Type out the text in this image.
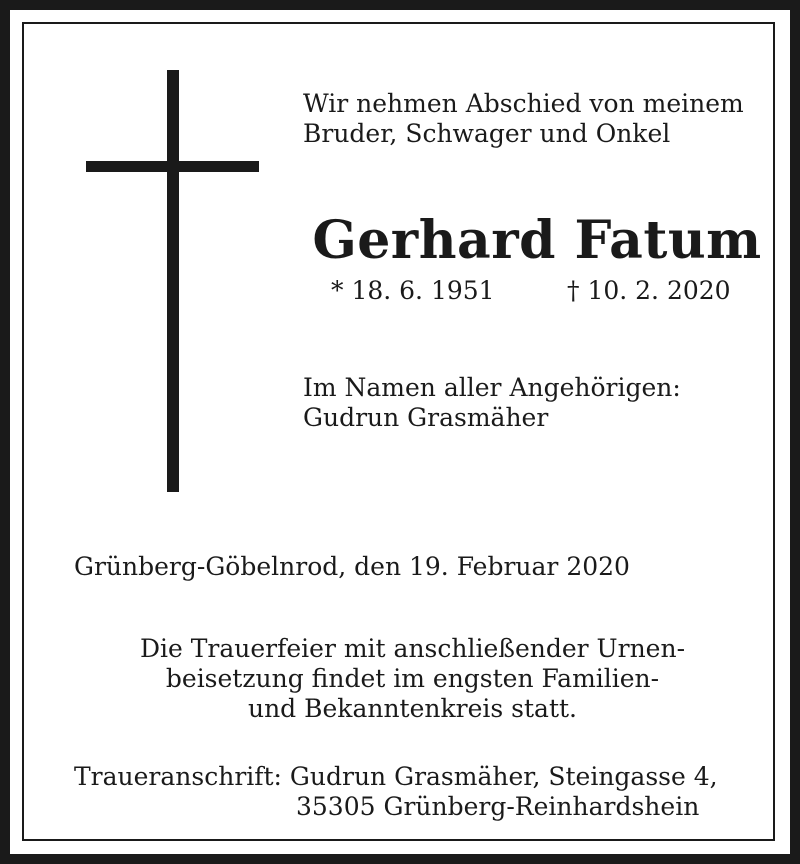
Wir nehmen Abschied von meinem
Bruder, Schwager und Onkel
Gerhard Fatum
* 18. 6. 1951	† 10. 2. 2020
Im Namen aller Angehörigen:
Gudrun Grasmäher
Grünberg-Göbelnrod, den 19. Februar 2020
Die Trauerfeier mit anschließender Urnen-
beisetzung findet im engsten Familien-
und Bekanntenkreis statt.
Traueranschrift: Gudrun Grasmäher, Steingasse 4,
35305 Grünberg-Reinhardshein
